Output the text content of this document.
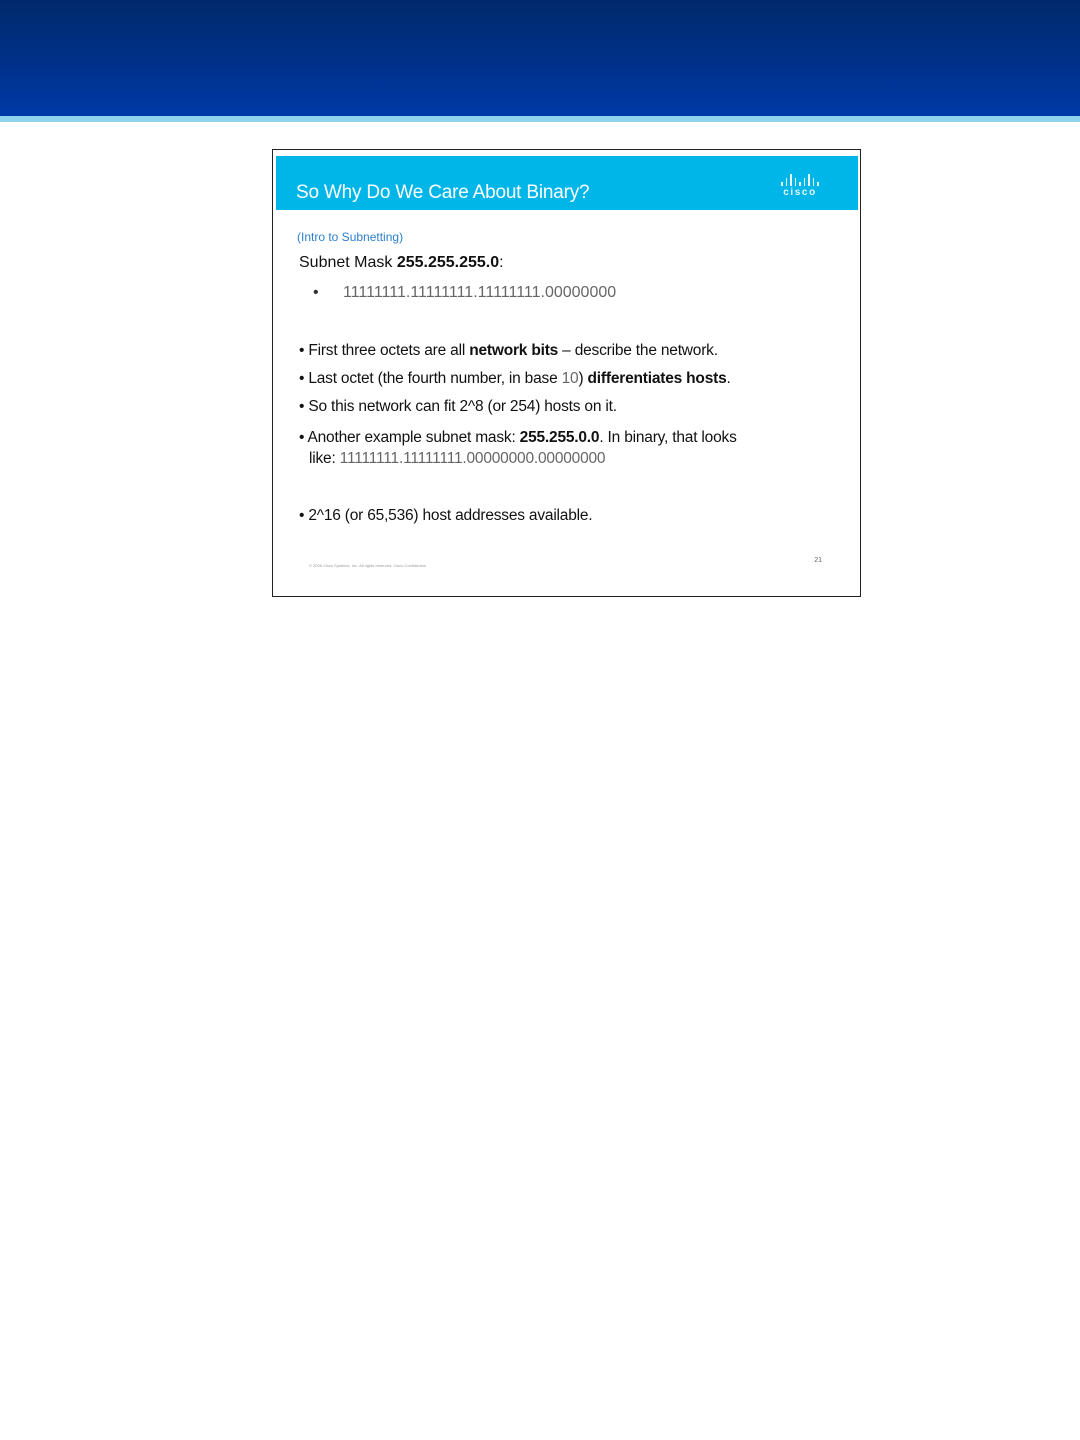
So Why Do We Care About Binary?	cisco
(Intro to Subnetting)
Subnet Mask 255.255.255.0:
• 11111111.11111111.11111111.00000000
• First three octets are all network bits – describe the network.
• Last octet (the fourth number, in base 10) differentiates hosts.
• So this network can fit 2^8 (or 254) hosts on it.
• Another example subnet mask: 255.255.0.0. In binary, that looks
like: 11111111.11111111.00000000.00000000
• 2^16 (or 65,536) host addresses available.
© 2006 Cisco Systems, Inc. All rights reserved. Cisco Confidential
21
